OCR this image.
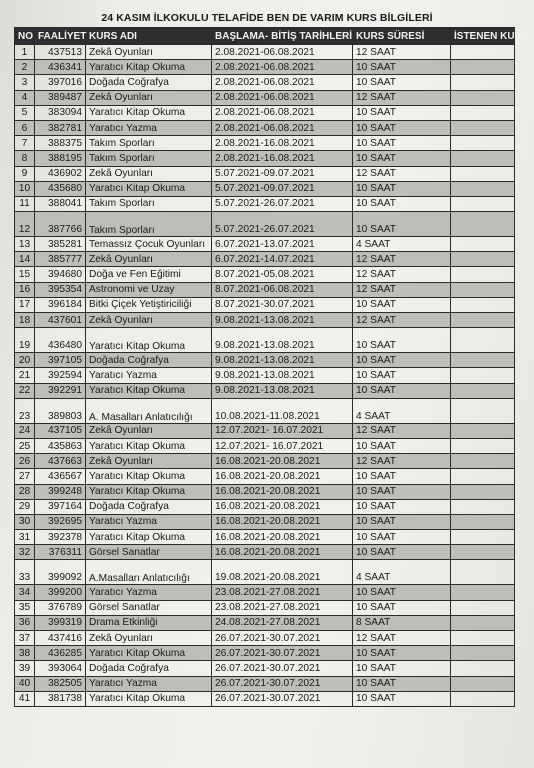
24 KASIM İLKOKULU TELAFİDE BEN DE VARIM KURS BİLGİLERİ
NO	FAALİYET	KURS ADI	BAŞLAMA- BİTİŞ TARİHLERİ	KURS SÜRESİ	İSTENEN KURS
1	437513	Zekâ Oyunları	2.08.2021-06.08.2021	12 SAAT	
2	436341	Yaratıcı Kitap Okuma	2.08.2021-06.08.2021	10 SAAT	
3	397016	Doğada Coğrafya	2.08.2021-06.08.2021	10 SAAT	
4	389487	Zekâ Oyunları	2.08.2021-06.08.2021	12 SAAT	
5	383094	Yaratıcı Kitap Okuma	2.08.2021-06.08.2021	10 SAAT	
6	382781	Yaratıcı Yazma	2.08.2021-06.08.2021	10 SAAT	
7	388375	Takım Sporları	2.08.2021-16.08.2021	10 SAAT	
8	388195	Takım Sporları	2.08.2021-16.08.2021	10 SAAT	
9	436902	Zekâ Oyunları	5.07.2021-09.07.2021	12 SAAT	
10	435680	Yaratıcı Kitap Okuma	5.07.2021-09.07.2021	10 SAAT	
11	388041	Takım Sporları	5.07.2021-26.07.2021	10 SAAT	
12	387766	Takım Sporları	5.07.2021-26.07.2021	10 SAAT	
13	385281	Temassız Çocuk Oyunları	6.07.2021-13.07.2021	4 SAAT	
14	385777	Zekâ Oyunları	6.07.2021-14.07.2021	12 SAAT	
15	394680	Doğa ve Fen Eğitimi	8.07.2021-05.08.2021	12 SAAT	
16	395354	Astronomi ve Uzay	8.07.2021-06.08.2021	12 SAAT	
17	396184	Bitki Çiçek Yetiştiriciliği	8.07.2021-30.07.2021	10 SAAT	
18	437601	Zekâ Oyunları	9.08.2021-13.08.2021	12 SAAT	
19	436480	Yaratıcı Kitap Okuma	9.08.2021-13.08.2021	10 SAAT	
20	397105	Doğada Coğrafya	9.08.2021-13.08.2021	10 SAAT	
21	392594	Yaratıcı Yazma	9.08.2021-13.08.2021	10 SAAT	
22	392291	Yaratıcı Kitap Okuma	9.08.2021-13.08.2021	10 SAAT	
23	389803	A. Masalları Anlatıcılığı	10.08.2021-11.08.2021	4 SAAT	
24	437105	Zekâ Oyunları	12.07.2021- 16.07.2021	12 SAAT	
25	435863	Yaratıcı Kitap Okuma	12.07.2021- 16.07.2021	10 SAAT	
26	437663	Zekâ Oyunları	16.08.2021-20.08.2021	12 SAAT	
27	436567	Yaratıcı Kitap Okuma	16.08.2021-20.08.2021	10 SAAT	
28	399248	Yaratıcı Kitap Okuma	16.08.2021-20.08.2021	10 SAAT	
29	397164	Doğada Coğrafya	16.08.2021-20.08.2021	10 SAAT	
30	392695	Yaratıcı Yazma	16.08.2021-20.08.2021	10 SAAT	
31	392378	Yaratıcı Kitap Okuma	16.08.2021-20.08.2021	10 SAAT	
32	376311	Görsel Sanatlar	16.08.2021-20.08.2021	10 SAAT	
33	399092	A.Masalları Anlatıcılığı	19.08.2021-20.08.2021	4 SAAT	
34	399200	Yaratıcı Yazma	23.08.2021-27.08.2021	10 SAAT	
35	376789	Görsel Sanatlar	23.08.2021-27.08.2021	10 SAAT	
36	399319	Drama Etkinliği	24.08.2021-27.08.2021	8 SAAT	
37	437416	Zekâ Oyunları	26.07.2021-30.07.2021	12 SAAT	
38	436285	Yaratıcı Kitap Okuma	26.07.2021-30.07.2021	10 SAAT	
39	393064	Doğada Coğrafya	26.07.2021-30.07.2021	10 SAAT	
40	382505	Yaratıcı Yazma	26.07.2021-30.07.2021	10 SAAT	
41	381738	Yaratıcı Kitap Okuma	26.07.2021-30.07.2021	10 SAAT	
